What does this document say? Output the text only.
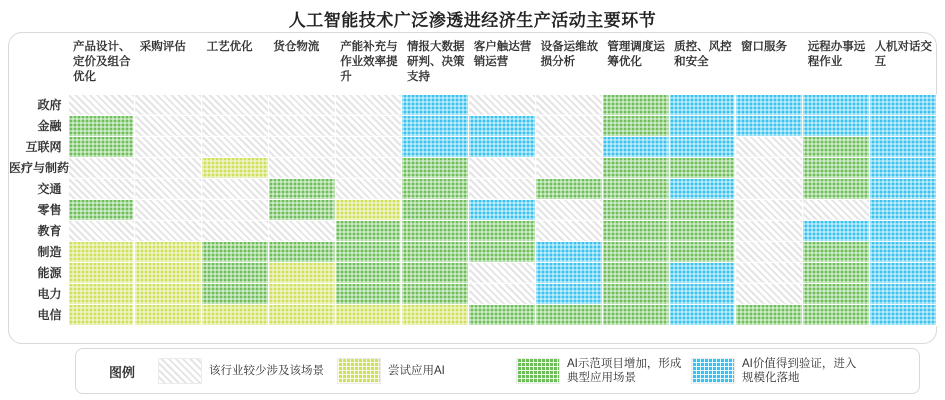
人工智能技术广泛渗透进经济生产活动主要环节
	产品设计、定价及组合优化	采购评估	工艺优化	货仓物流	产能补充与作业效率提升	情报大数据研判、决策支持	客户触达营销运营	设备运维故损分析	管理调度运筹优化	质控、风控和安全	窗口服务	远程办事远程作业	人机对话交互
政府													
金融													
互联网													
医疗与制药													
交通													
零售													
教育													
制造													
能源													
电力													
电信													
图例	该行业较少涉及该场景	尝试应用AI
AI示范项目增加，形成典型应用场景
AI价值得到验证，进入规模化落地
